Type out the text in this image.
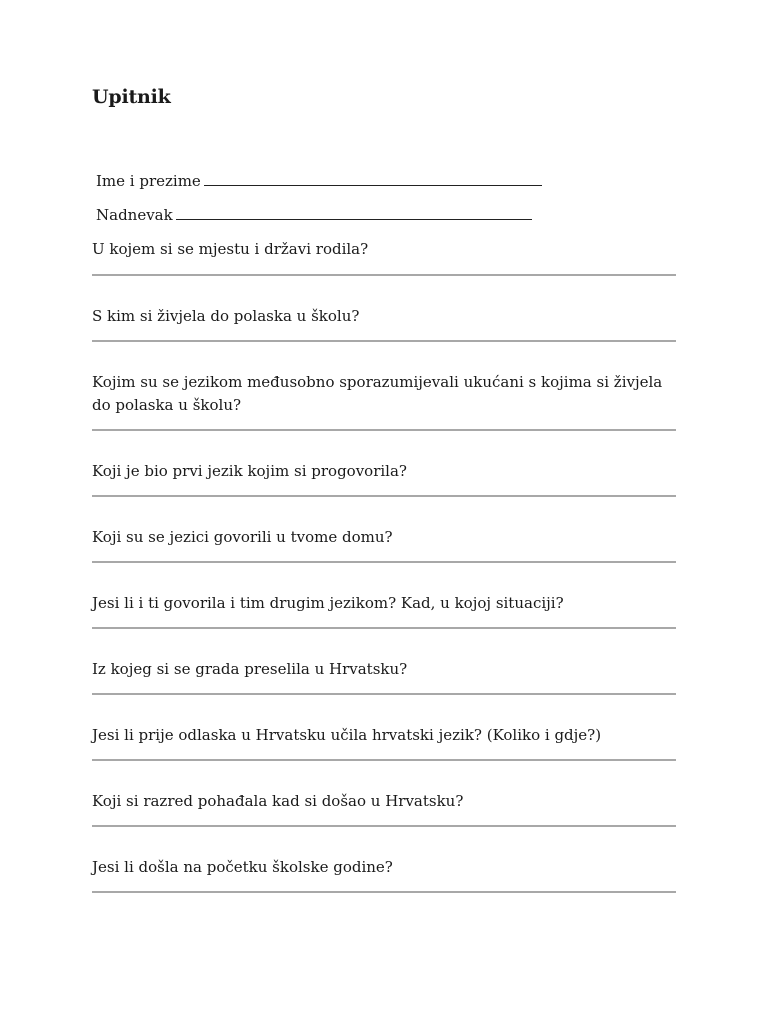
Upitnik
Ime i prezime
Nadnevak

U kojem si se mjestu i državi rodila?

S kim si živjela do polaska u školu?

Kojim su se jezikom međusobno sporazumijevali ukućani s kojima si živjela do polaska u školu?

Koji je bio prvi jezik kojim si progovorila?

Koji su se jezici govorili u tvome domu?

Jesi li i ti govorila i tim drugim jezikom? Kad, u kojoj situaciji?

Iz kojeg si se grada preselila u Hrvatsku?

Jesi li prije odlaska u Hrvatsku učila hrvatski jezik? (Koliko i gdje?)

Koji si razred pohađala kad si došao u Hrvatsku?

Jesi li došla na početku školske godine?
